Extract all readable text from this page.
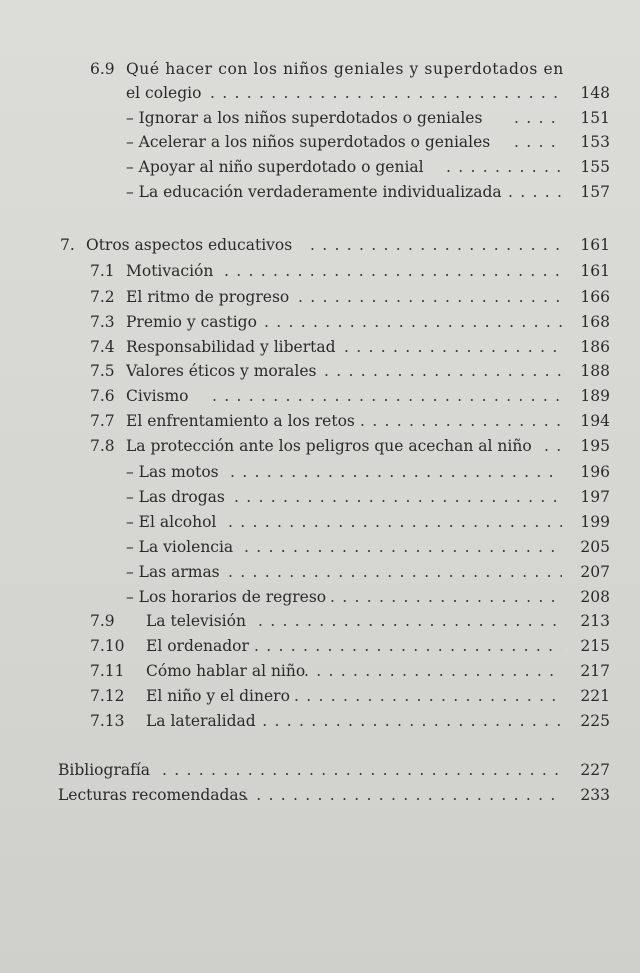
6.9 Qué hacer con los niños geniales y superdotados en
el colegio . . .	148
– Ignorar a los niños superdotados o geniales . . .	151
– Acelerar a los niños superdotados o geniales . . .	153
– Apoyar al niño superdotado o genial . . .	155
– La educación verdaderamente individualizada . . .	157
7. Otros aspectos educativos . . .	161
7.1 Motivación . . .	161
7.2 El ritmo de progreso . . .	166
7.3 Premio y castigo . . .	168
7.4 Responsabilidad y libertad . . .	186
7.5 Valores éticos y morales . . .	188
7.6 Civismo . . .	189
7.7 El enfrentamiento a los retos . . .	194
7.8 La protección ante los peligros que acechan al niño . . .	195
– Las motos . . .	196
– Las drogas . . .	197
– El alcohol . . .	199
– La violencia . . .	205
– Las armas . . .	207
– Los horarios de regreso . . .	208
7.9 La televisión . . .	213
7.10 El ordenador . . .	215
7.11 Cómo hablar al niño . . .	217
7.12 El niño y el dinero . . .	221
7.13 La lateralidad . . .	225
Bibliografía . . .	227
Lecturas recomendadas . . .	233
